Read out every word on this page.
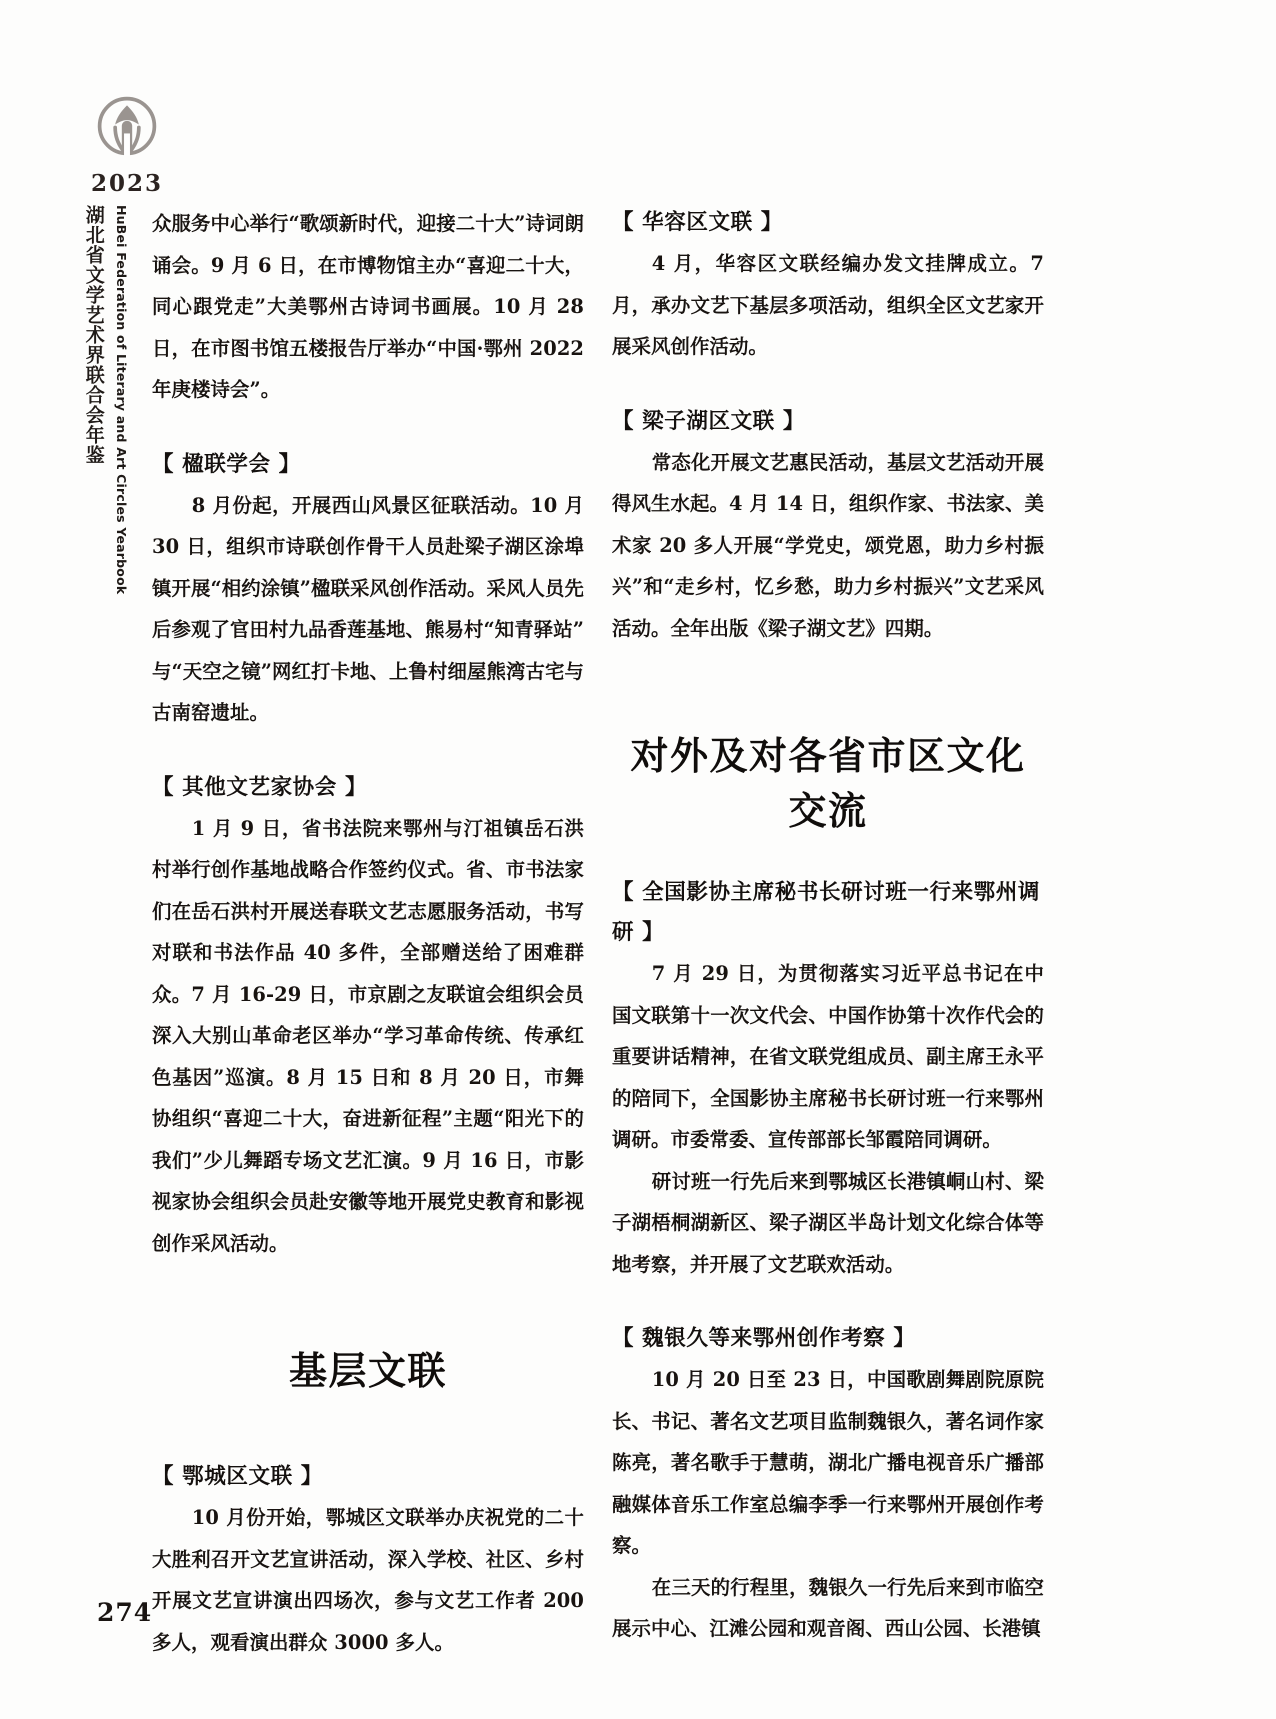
2023
湖北省文学艺术界联合会年鉴 HuBei Federation of Literary and Art Circles Yearbook 众服务中心举行“歌颂新时代，迎接二十大”诗词朗诵会。9 月 6 日，在市博物馆主办“喜迎二十大，同心跟党走”大美鄂州古诗词书画展。10 月 28 日，在市图书馆五楼报告厅举办“中国·鄂州 2022 年庚楼诗会”。

【 楹联学会 】

8 月份起，开展西山风景区征联活动。10 月 30 日，组织市诗联创作骨干人员赴梁子湖区涂埠镇开展“相约涂镇”楹联采风创作活动。采风人员先后参观了官田村九品香莲基地、熊易村“知青驿站”与“天空之镜”网红打卡地、上鲁村细屋熊湾古宅与古南窑遗址。

【 其他文艺家协会 】

1 月 9 日，省书法院来鄂州与汀祖镇岳石洪村举行创作基地战略合作签约仪式。省、市书法家们在岳石洪村开展送春联文艺志愿服务活动，书写对联和书法作品 40 多件，全部赠送给了困难群众。7 月 16-29 日，市京剧之友联谊会组织会员深入大别山革命老区举办“学习革命传统、传承红色基因”巡演。8 月 15 日和 8 月 20 日，市舞协组织“喜迎二十大，奋进新征程”主题“阳光下的我们”少儿舞蹈专场文艺汇演。9 月 16 日，市影视家协会组织会员赴安徽等地开展党史教育和影视创作采风活动。

基层文联
【 鄂城区文联 】

10 月份开始，鄂城区文联举办庆祝党的二十大胜利召开文艺宣讲活动，深入学校、社区、乡村开展文艺宣讲演出四场次，参与文艺工作者 200 多人，观看演出群众 3000 多人。

【 华容区文联 】

4 月，华容区文联经编办发文挂牌成立。7 月，承办文艺下基层多项活动，组织全区文艺家开展采风创作活动。

【 梁子湖区文联 】

常态化开展文艺惠民活动，基层文艺活动开展得风生水起。4 月 14 日，组织作家、书法家、美术家 20 多人开展“学党史，颂党恩，助力乡村振兴”和“走乡村，忆乡愁，助力乡村振兴”文艺采风活动。全年出版《梁子湖文艺》四期。

对外及对各省市区文化
交流
【 全国影协主席秘书长研讨班一行来鄂州调研 】

7 月 29 日，为贯彻落实习近平总书记在中国文联第十一次文代会、中国作协第十次作代会的重要讲话精神，在省文联党组成员、副主席王永平的陪同下，全国影协主席秘书长研讨班一行来鄂州调研。市委常委、宣传部部长邹霞陪同调研。

研讨班一行先后来到鄂城区长港镇峒山村、梁子湖梧桐湖新区、梁子湖区半岛计划文化综合体等地考察，并开展了文艺联欢活动。

【 魏银久等来鄂州创作考察 】

10 月 20 日至 23 日，中国歌剧舞剧院原院长、书记、著名文艺项目监制魏银久，著名词作家陈亮，著名歌手于慧萌，湖北广播电视音乐广播部融媒体音乐工作室总编李季一行来鄂州开展创作考察。

在三天的行程里，魏银久一行先后来到市临空展示中心、江滩公园和观音阁、西山公园、长港镇

274
